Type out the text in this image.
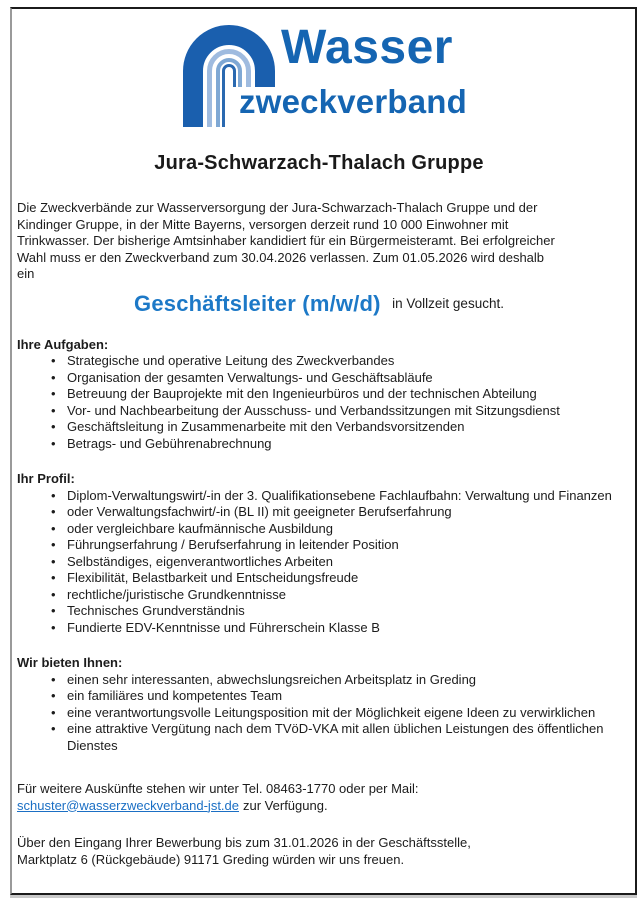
Wasser
zweckverband
Jura-Schwarzach-Thalach Gruppe
Die Zweckverbände zur Wasserversorgung der Jura-Schwarzach-Thalach Gruppe und der
Kindinger Gruppe, in der Mitte Bayerns, versorgen derzeit rund 10 000 Einwohner mit
Trinkwasser. Der bisherige Amtsinhaber kandidiert für ein Bürgermeisteramt. Bei erfolgreicher
Wahl muss er den Zweckverband zum 30.04.2026 verlassen. Zum 01.05.2026 wird deshalb
ein
Geschäftsleiter (m/w/d) in Vollzeit gesucht.
Ihre Aufgaben:
• Strategische und operative Leitung des Zweckverbandes
• Organisation der gesamten Verwaltungs- und Geschäftsabläufe
• Betreuung der Bauprojekte mit den Ingenieurbüros und der technischen Abteilung
• Vor- und Nachbearbeitung der Ausschuss- und Verbandssitzungen mit Sitzungsdienst
• Geschäftsleitung in Zusammenarbeite mit den Verbandsvorsitzenden
• Betrags- und Gebührenabrechnung
Ihr Profil:
• Diplom-Verwaltungswirt/-in der 3. Qualifikationsebene Fachlaufbahn: Verwaltung und Finanzen
• oder Verwaltungsfachwirt/-in (BL II) mit geeigneter Berufserfahrung
• oder vergleichbare kaufmännische Ausbildung
• Führungserfahrung / Berufserfahrung in leitender Position
• Selbständiges, eigenverantwortliches Arbeiten
• Flexibilität, Belastbarkeit und Entscheidungsfreude
• rechtliche/juristische Grundkenntnisse
• Technisches Grundverständnis
• Fundierte EDV-Kenntnisse und Führerschein Klasse B
Wir bieten Ihnen:
• einen sehr interessanten, abwechslungsreichen Arbeitsplatz in Greding
• ein familiäres und kompetentes Team
• eine verantwortungsvolle Leitungsposition mit der Möglichkeit eigene Ideen zu verwirklichen
• eine attraktive Vergütung nach dem TVöD-VKA mit allen üblichen Leistungen des öffentlichen Dienstes
Für weitere Auskünfte stehen wir unter Tel. 08463-1770 oder per Mail:
schuster@wasserzweckverband-jst.de zur Verfügung.
Über den Eingang Ihrer Bewerbung bis zum 31.01.2026 in der Geschäftsstelle,
Marktplatz 6 (Rückgebäude) 91171 Greding würden wir uns freuen.
